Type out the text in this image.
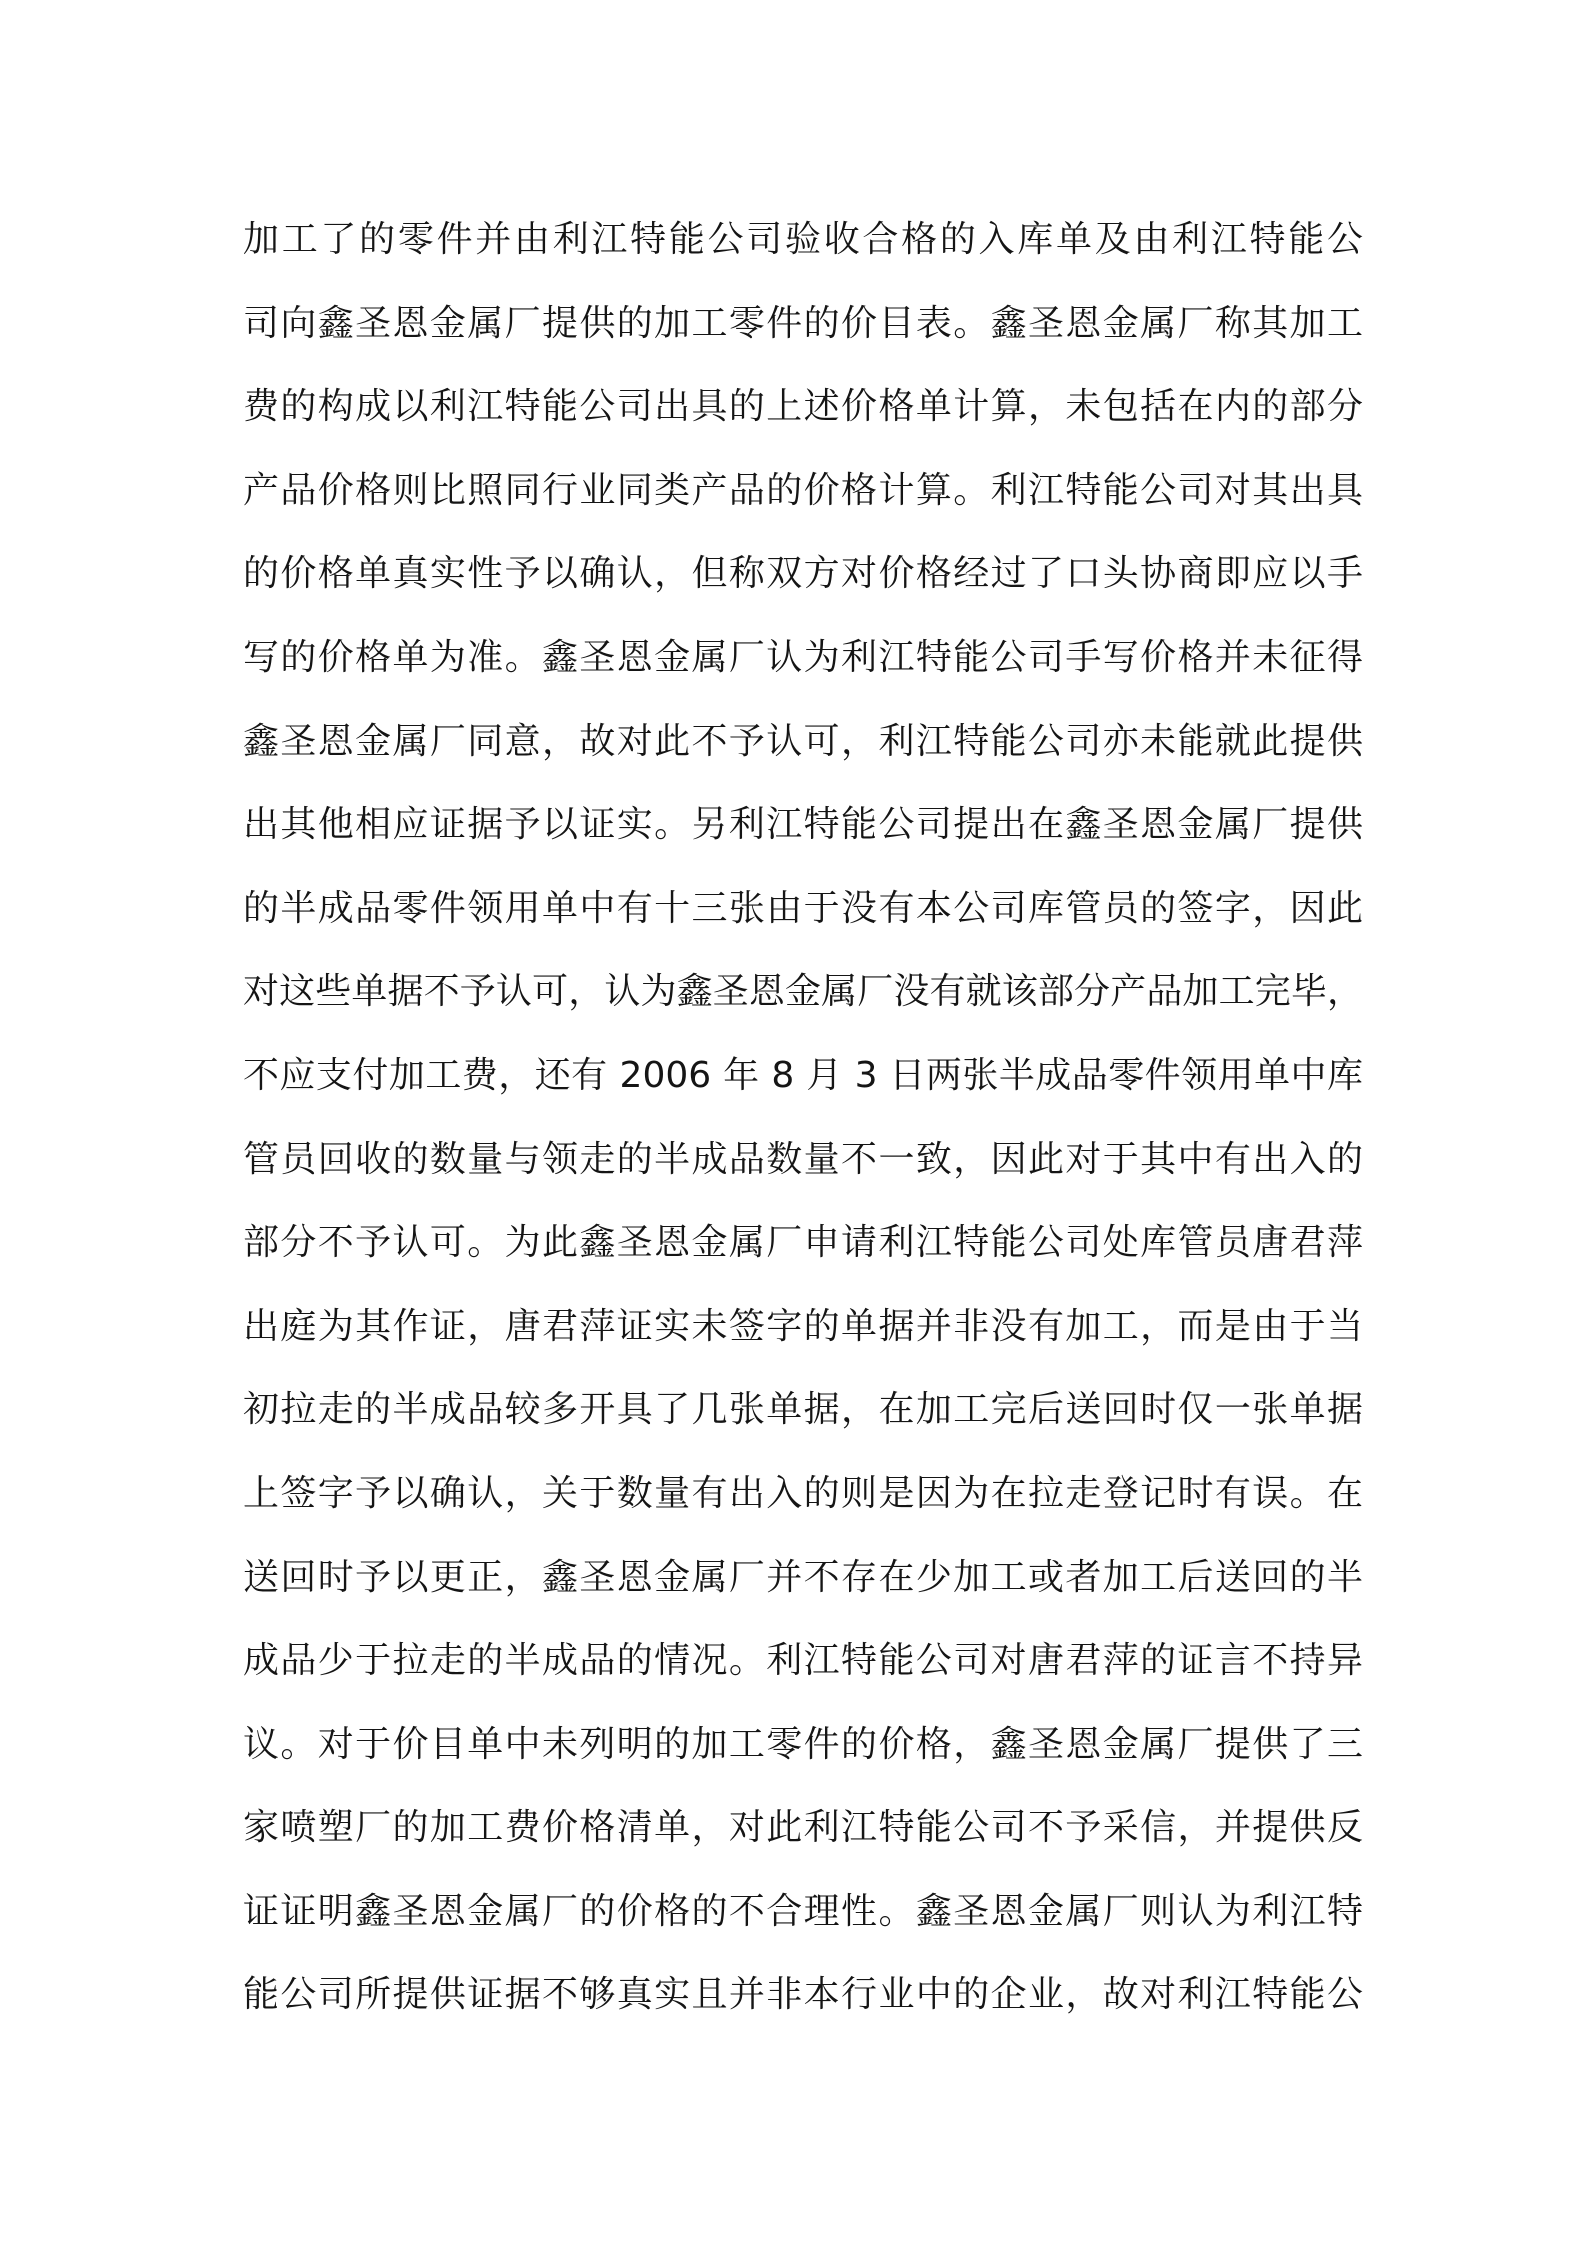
加工了的零件并由利江特能公司验收合格的入库单及由利江特能公
司向鑫圣恩金属厂提供的加工零件的价目表。鑫圣恩金属厂称其加工
费的构成以利江特能公司出具的上述价格单计算，未包括在内的部分
产品价格则比照同行业同类产品的价格计算。利江特能公司对其出具
的价格单真实性予以确认，但称双方对价格经过了口头协商即应以手
写的价格单为准。鑫圣恩金属厂认为利江特能公司手写价格并未征得
鑫圣恩金属厂同意，故对此不予认可，利江特能公司亦未能就此提供
出其他相应证据予以证实。另利江特能公司提出在鑫圣恩金属厂提供
的半成品零件领用单中有十三张由于没有本公司库管员的签字，因此
对这些单据不予认可，认为鑫圣恩金属厂没有就该部分产品加工完毕，
不应支付加工费，还有 2006 年 8 月 3 日两张半成品零件领用单中库
管员回收的数量与领走的半成品数量不一致，因此对于其中有出入的
部分不予认可。为此鑫圣恩金属厂申请利江特能公司处库管员唐君萍
出庭为其作证，唐君萍证实未签字的单据并非没有加工，而是由于当
初拉走的半成品较多开具了几张单据，在加工完后送回时仅一张单据
上签字予以确认，关于数量有出入的则是因为在拉走登记时有误。在
送回时予以更正，鑫圣恩金属厂并不存在少加工或者加工后送回的半
成品少于拉走的半成品的情况。利江特能公司对唐君萍的证言不持异
议。对于价目单中未列明的加工零件的价格，鑫圣恩金属厂提供了三
家喷塑厂的加工费价格清单，对此利江特能公司不予采信，并提供反
证证明鑫圣恩金属厂的价格的不合理性。鑫圣恩金属厂则认为利江特
能公司所提供证据不够真实且并非本行业中的企业，故对利江特能公
